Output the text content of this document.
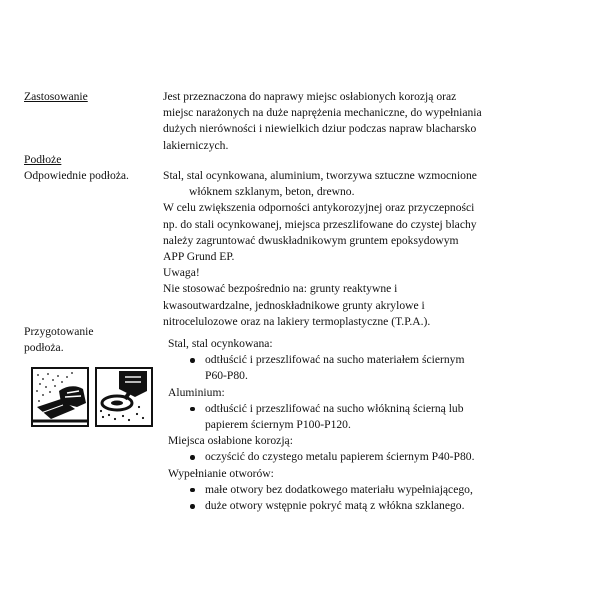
Zastosowanie	Jest przeznaczona do naprawy miejsc osłabionych korozją oraz
miejsc narażonych na duże naprężenia mechaniczne, do wypełniania
dużych nierówności i niewielkich dziur podczas napraw blacharsko
lakierniczych.
Podłoże
Odpowiednie podłoża.	Stal, stal ocynkowana, aluminium, tworzywa sztuczne wzmocnione
włóknem szklanym, beton, drewno.
W celu zwiększenia odporności antykorozyjnej oraz przyczepności
np. do stali ocynkowanej, miejsca przeszlifowane do czystej blachy
należy zagruntować dwuskładnikowym gruntem epoksydowym
APP Grund EP.
Uwaga!
Nie stosować bezpośrednio na: grunty reaktywne i
kwasoutwardzalne, jednoskładnikowe grunty akrylowe i
nitrocelulozowe oraz na lakiery termoplastyczne (T.P.A.).
Przygotowanie
podłoża.	Stal, stal ocynkowana:
odtłuścić i przeszlifować na sucho materiałem ściernym
P60-P80.
Aluminium:
odtłuścić i przeszlifować na sucho włókniną ścierną lub
papierem ściernym P100-P120.
Miejsca osłabione korozją:
oczyścić do czystego metalu papierem ściernym P40-P80.
Wypełnianie otworów:
małe otwory bez dodatkowego materiału wypełniającego,
duże otwory wstępnie pokryć matą z włókna szklanego.
